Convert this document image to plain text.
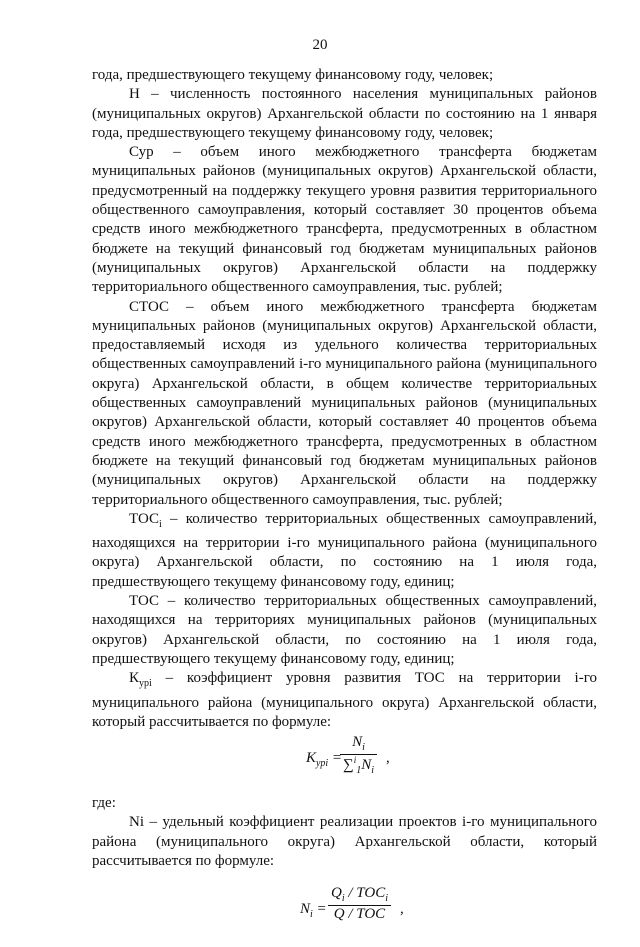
20

года, предшествующего текущему финансовому году, человек;

H – численность постоянного населения муниципальных районов (муниципальных округов) Архангельской области по состоянию на 1 января года, предшествующего текущему финансовому году, человек;

Сур – объем иного межбюджетного трансферта бюджетам муниципальных районов (муниципальных округов) Архангельской области, предусмотренный на поддержку текущего уровня развития территориального общественного самоуправления, который составляет 30 процентов объема средств иного межбюджетного трансферта, предусмотренных в областном бюджете на текущий финансовый год бюджетам муниципальных районов (муниципальных округов) Архангельской области на поддержку территориального общественного самоуправления, тыс. рублей;

СТОС – объем иного межбюджетного трансферта бюджетам муниципальных районов (муниципальных округов) Архангельской области, предоставляемый исходя из удельного количества территориальных общественных самоуправлений i-го муниципального района (муниципального округа) Архангельской области, в общем количестве территориальных общественных самоуправлений муниципальных районов (муниципальных округов) Архангельской области, который составляет 40 процентов объема средств иного межбюджетного трансферта, предусмотренных в областном бюджете на текущий финансовый год бюджетам муниципальных районов (муниципальных округов) Архангельской области на поддержку территориального общественного самоуправления, тыс. рублей;

$ТОС_i$ – количество территориальных общественных самоуправлений, находящихся на территории i-го муниципального района (муниципального округа) Архангельской области, по состоянию на 1 июля года, предшествующего текущему финансовому году, единиц;

ТОС – количество территориальных общественных самоуправлений, находящихся на территориях муниципальных районов (муниципальных округов) Архангельской области, по состоянию на 1 июля года, предшествующего текущему финансовому году, единиц;

$К_{урi}$ – коэффициент уровня развития ТОС на территории i-го муниципального района (муниципального округа) Архангельской области, который рассчитывается по формуле:

$K_{урi}$ =
$\frac{N_i}{\sum^i_1N_i}$ ,

где:

Ni – удельный коэффициент реализации проектов i-го муниципального района (муниципального округа) Архангельской области, который рассчитывается по формуле:

$N_i$ =
$Q_i / TOC_i$
Q / TOC ,
